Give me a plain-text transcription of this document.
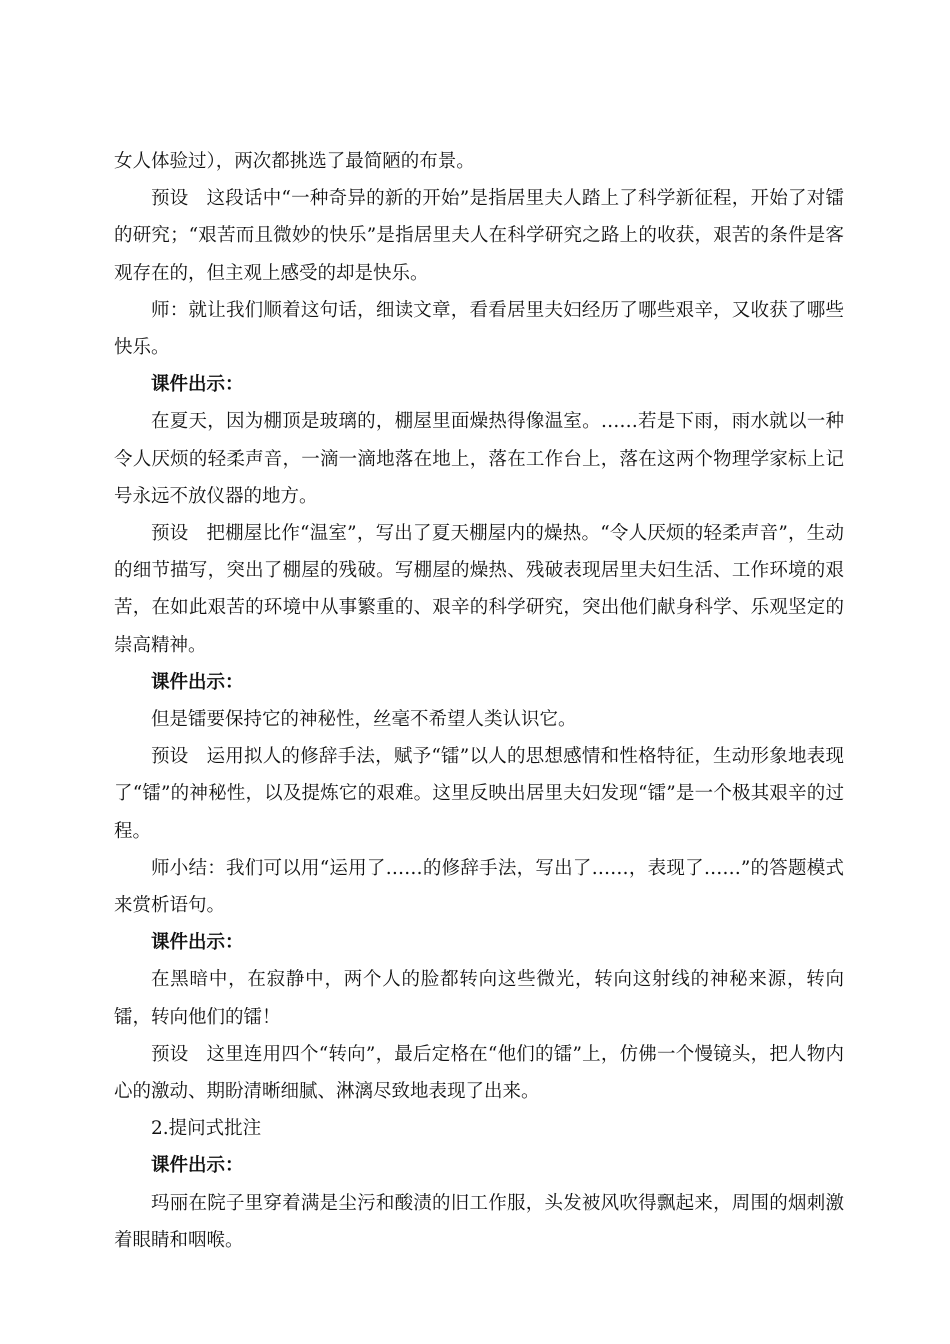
女人体验过），两次都挑选了最简陋的布景。

预设 这段话中“一种奇异的新的开始”是指居里夫人踏上了科学新征程，开始了对镭的研究；“艰苦而且微妙的快乐”是指居里夫人在科学研究之路上的收获，艰苦的条件是客观存在的，但主观上感受的却是快乐。

师：就让我们顺着这句话，细读文章，看看居里夫妇经历了哪些艰辛，又收获了哪些快乐。

课件出示：

在夏天，因为棚顶是玻璃的，棚屋里面燥热得像温室。……若是下雨，雨水就以一种令人厌烦的轻柔声音，一滴一滴地落在地上，落在工作台上，落在这两个物理学家标上记号永远不放仪器的地方。

预设 把棚屋比作“温室”，写出了夏天棚屋内的燥热。“令人厌烦的轻柔声音”，生动的细节描写，突出了棚屋的残破。写棚屋的燥热、残破表现居里夫妇生活、工作环境的艰苦，在如此艰苦的环境中从事繁重的、艰辛的科学研究，突出他们献身科学、乐观坚定的崇高精神。

课件出示：

但是镭要保持它的神秘性，丝毫不希望人类认识它。

预设 运用拟人的修辞手法，赋予“镭”以人的思想感情和性格特征，生动形象地表现了“镭”的神秘性，以及提炼它的艰难。这里反映出居里夫妇发现“镭”是一个极其艰辛的过程。

师小结：我们可以用“运用了……的修辞手法，写出了……，表现了……”的答题模式来赏析语句。

课件出示：

在黑暗中，在寂静中，两个人的脸都转向这些微光，转向这射线的神秘来源，转向镭，转向他们的镭！

预设 这里连用四个“转向”，最后定格在“他们的镭”上，仿佛一个慢镜头，把人物内心的激动、期盼清晰细腻、淋漓尽致地表现了出来。

2.提问式批注

课件出示：

玛丽在院子里穿着满是尘污和酸渍的旧工作服，头发被风吹得飘起来，周围的烟刺激着眼睛和咽喉。
